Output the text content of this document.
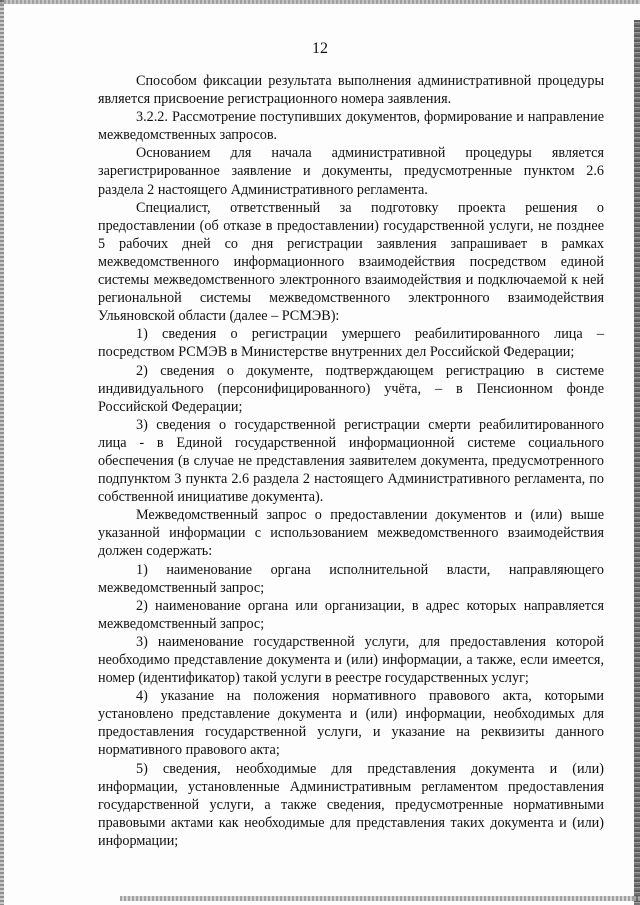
12

Способом фиксации результата выполнения административной процедуры является присвоение регистрационного номера заявления.

3.2.2. Рассмотрение поступивших документов, формирование и направление межведомственных запросов.

Основанием для начала административной процедуры является зарегистрированное заявление и документы, предусмотренные пунктом 2.6 раздела 2 настоящего Административного регламента.

Специалист, ответственный за подготовку проекта решения о предоставлении (об отказе в предоставлении) государственной услуги, не позднее 5 рабочих дней со дня регистрации заявления запрашивает в рамках межведомственного информационного взаимодействия посредством единой системы межведомственного электронного взаимодействия и подключаемой к ней региональной системы межведомственного электронного взаимодействия Ульяновской области (далее – РСМЭВ):

1) сведения о регистрации умершего реабилитированного лица – посредством РСМЭВ в Министерстве внутренних дел Российской Федерации;

2) сведения о документе, подтверждающем регистрацию в системе индивидуального (персонифицированного) учёта, – в Пенсионном фонде Российской Федерации;

3) сведения о государственной регистрации смерти реабилитированного лица - в Единой государственной информационной системе социального обеспечения (в случае не представления заявителем документа, предусмотренного подпунктом 3 пункта 2.6 раздела 2 настоящего Административного регламента, по собственной инициативе документа).

Межведомственный запрос о предоставлении документов и (или) выше указанной информации с использованием межведомственного взаимодействия должен содержать:

1) наименование органа исполнительной власти, направляющего межведомственный запрос;

2) наименование органа или организации, в адрес которых направляется межведомственный запрос;

3) наименование государственной услуги, для предоставления которой необходимо представление документа и (или) информации, а также, если имеется, номер (идентификатор) такой услуги в реестре государственных услуг;

4) указание на положения нормативного правового акта, которыми установлено представление документа и (или) информации, необходимых для предоставления государственной услуги, и указание на реквизиты данного нормативного правового акта;

5) сведения, необходимые для представления документа и (или) информации, установленные Административным регламентом предоставления государственной услуги, а также сведения, предусмотренные нормативными правовыми актами как необходимые для представления таких документа и (или) информации;
